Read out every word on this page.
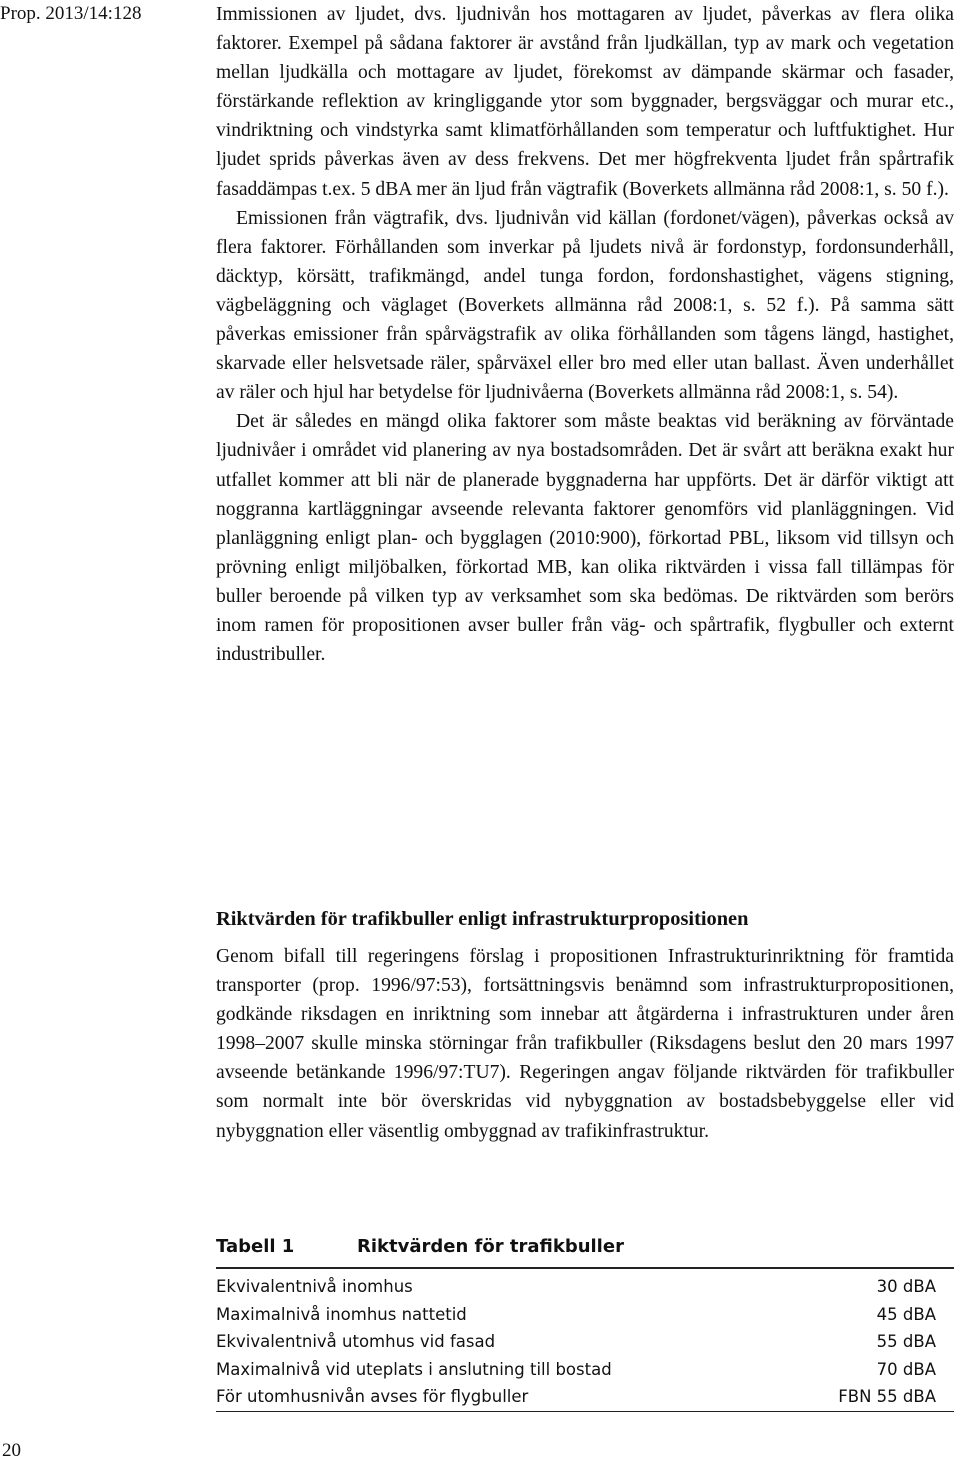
Prop. 2013/14:128	Immissionen av ljudet, dvs. ljudnivån hos mottagaren av ljudet, påverkas av flera olika faktorer. Exempel på sådana faktorer är avstånd från ljudkällan, typ av mark och vegetation mellan ljudkälla och mottagare av ljudet, förekomst av dämpande skärmar och fasader, förstärkande reflektion av kringliggande ytor som byggnader, bergsväggar och murar etc., vindriktning och vindstyrka samt klimatförhållanden som temperatur och luftfuktighet. Hur ljudet sprids påverkas även av dess frekvens. Det mer högfrekventa ljudet från spårtrafik fasaddämpas t.ex. 5 dBA mer än ljud från vägtrafik (Boverkets allmänna råd 2008:1, s. 50 f.).

Emissionen från vägtrafik, dvs. ljudnivån vid källan (fordonet/vägen), påverkas också av flera faktorer. Förhållanden som inverkar på ljudets nivå är fordonstyp, fordonsunderhåll, däcktyp, körsätt, trafikmängd, andel tunga fordon, fordonshastighet, vägens stigning, vägbeläggning och väglaget (Boverkets allmänna råd 2008:1, s. 52 f.). På samma sätt påverkas emissioner från spårvägstrafik av olika förhållanden som tågens längd, hastighet, skarvade eller helsvetsade räler, spårväxel eller bro med eller utan ballast. Även underhållet av räler och hjul har betydelse för ljudnivåerna (Boverkets allmänna råd 2008:1, s. 54).

Det är således en mängd olika faktorer som måste beaktas vid beräkning av förväntade ljudnivåer i området vid planering av nya bostadsområden. Det är svårt att beräkna exakt hur utfallet kommer att bli när de planerade byggnaderna har uppförts. Det är därför viktigt att noggranna kartläggningar avseende relevanta faktorer genomförs vid planläggningen. Vid planläggning enligt plan- och bygglagen (2010:900), förkortad PBL, liksom vid tillsyn och prövning enligt miljöbalken, förkortad MB, kan olika riktvärden i vissa fall tillämpas för buller beroende på vilken typ av verksamhet som ska bedömas. De riktvärden som berörs inom ramen för propositionen avser buller från väg- och spårtrafik, flygbuller och externt industribuller.

Riktvärden för trafikbuller enligt infrastrukturpropositionen

Genom bifall till regeringens förslag i propositionen Infrastrukturinriktning för framtida transporter (prop. 1996/97:53), fortsättningsvis benämnd som infrastrukturpropositionen, godkände riksdagen en inriktning som innebar att åtgärderna i infrastrukturen under åren 1998–2007 skulle minska störningar från trafikbuller (Riksdagens beslut den 20 mars 1997 avseende betänkande 1996/97:TU7). Regeringen angav följande riktvärden för trafikbuller som normalt inte bör överskridas vid nybyggnation av bostadsbebyggelse eller vid nybyggnation eller väsentlig ombyggnad av trafikinfrastruktur.

Tabell 1	Riktvärden för trafikbuller
Ekvivalentnivå inomhus	30 dBA
Maximalnivå inomhus nattetid	45 dBA
Ekvivalentnivå utomhus vid fasad	55 dBA
Maximalnivå vid uteplats i anslutning till bostad	70 dBA
För utomhusnivån avses för flygbuller	FBN 55 dBA
20
